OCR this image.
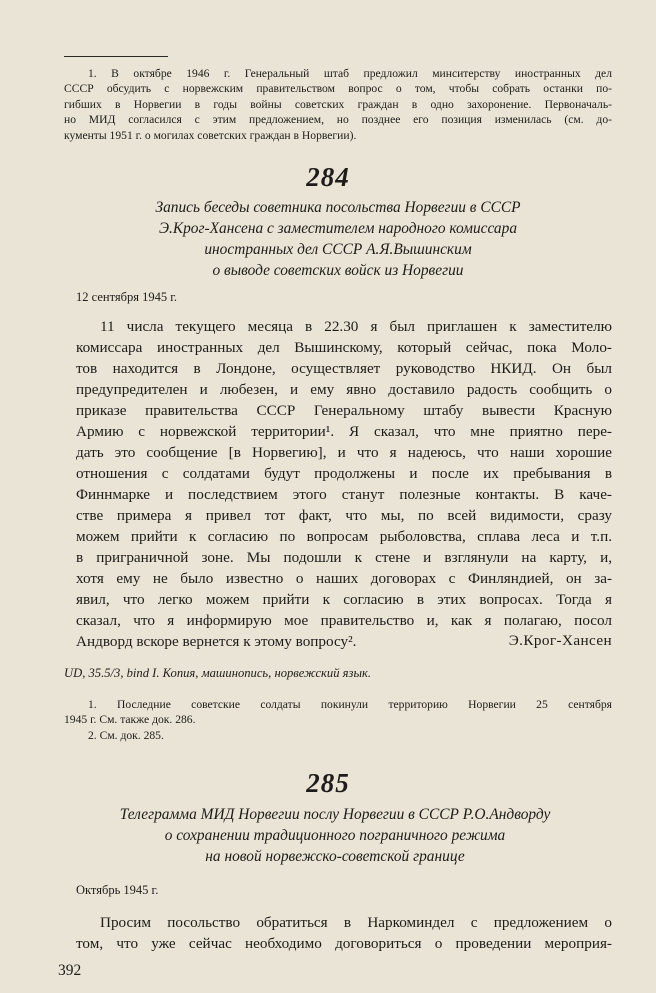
1. В октябре 1946 г. Генеральный штаб предложил минситерству иностранных дел
СССР обсудить с норвежским правительством вопрос о том, чтобы собрать останки по-
гибших в Норвегии в годы войны советских граждан в одно захоронение. Первоначаль-
но МИД согласился с этим предложением, но позднее его позиция изменилась (см. до-
кументы 1951 г. о могилах советских граждан в Норвегии).
284
Запись беседы советника посольства Норвегии в СССР
Э.Крог-Хансена с заместителем народного комиссара
иностранных дел СССР А.Я.Вышинским
о выводе советских войск из Норвегии
12 сентября 1945 г.
11 числа текущего месяца в 22.30 я был приглашен к заместителю
комиссара иностранных дел Вышинскому, который сейчас, пока Моло-
тов находится в Лондоне, осуществляет руководство НКИД. Он был
предупредителен и любезен, и ему явно доставило радость сообщить о
приказе правительства СССР Генеральному штабу вывести Красную
Армию с норвежской территории¹. Я сказал, что мне приятно пере-
дать это сообщение [в Норвегию], и что я надеюсь, что наши хорошие
отношения с солдатами будут продолжены и после их пребывания в
Финнмарке и последствием этого станут полезные контакты. В каче-
стве примера я привел тот факт, что мы, по всей видимости, сразу
можем прийти к согласию по вопросам рыболовства, сплава леса и т.п.
в приграничной зоне. Мы подошли к стене и взглянули на карту, и,
хотя ему не было известно о наших договорах с Финляндией, он за-
явил, что легко можем прийти к согласию в этих вопросах. Тогда я
сказал, что я информирую мое правительство и, как я полагаю, посол
Андворд вскоре вернется к этому вопросу².	Э.Крог-Хансен
UD, 35.5/3, bind I. Копия, машинопись, норвежский язык.
1. Последние советские солдаты покинули территорию Норвегии 25 сентября
1945 г. См. также док. 286.
2. См. док. 285.
285
Телеграмма МИД Норвегии послу Норвегии в СССР Р.О.Андворду
о сохранении традиционного пограничного режима
на новой норвежско-советской границе
Октябрь 1945 г.
Просим посольство обратиться в Наркоминдел с предложением о
том, что уже сейчас необходимо договориться о проведении мероприя-
392
